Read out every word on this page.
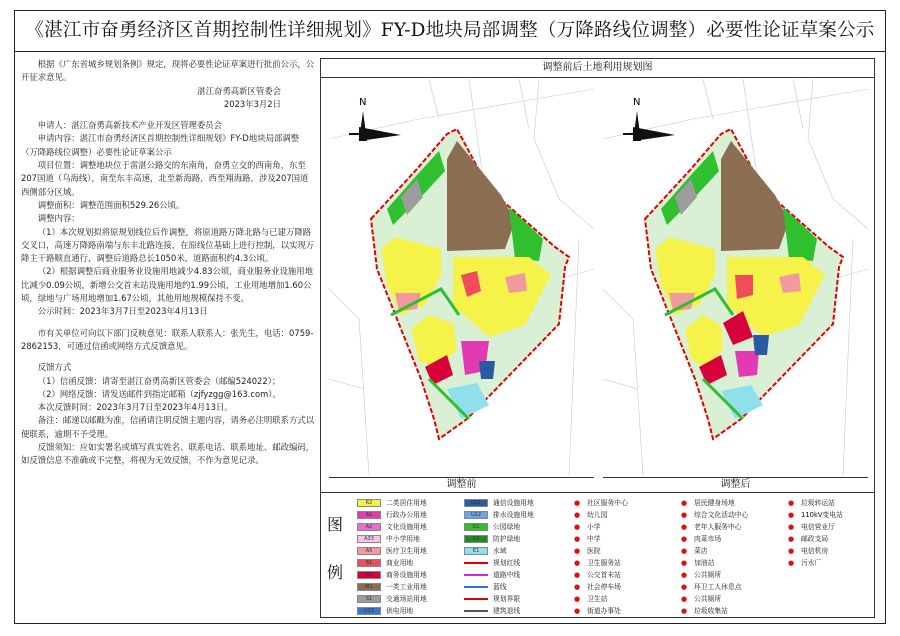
《湛江市奋勇经济区首期控制性详细规划》FY-D地块局部调整（万降路线位调整）必要性论证草案公示

根据《广东省城乡规划条例》规定，现将必要性论证草案进行批前公示，公开征求意见。

湛江奋勇高新区管委会

2023年3月2日

申请人：湛江奋勇高新技术产业开发区管理委员会

申请内容：湛江市奋勇经济区首期控制性详细规划》FY-D地块局部调整（万降路线位调整）必要性论证草案公示

项目位置：调整地块位于雷湛公路交的东南角，奋勇立交的西南角，东至207国道（乌海线），南至东丰高速，北至新海路，西至翔海路，涉及207国道西侧部分区域。

调整面积：调整范围面积529.26公顷。

调整内容：

（1）本次规划拟将原规划线位后作调整，将原道路万降北路与已建万降路交叉口，高速万降路南端与东丰北路连接，在原线位基础上进行控制，以实现万降主干路顺直通行，调整后道路总长1050米，道路面积约4.3公顷。

（2）根据调整后商业服务业设施用地减少4.83公顷，商业服务业设施用地比减少0.09公顷，新增公交首末站设施用地约1.99公顷，工业用地增加1.60公顷，绿地与广场用地增加1.67公顷，其他用地规模保持不变。

公示时间：2023年3月7日至2023年4月13日

市有关单位可向以下部门反映意见：联系人联系人：张先生，电话：0759-2862153，可通过信函或网络方式反馈意见。

反馈方式

（1）信函反馈：请寄至湛江奋勇高新区管委会（邮编524022）；

（2）网络反馈：请发送邮件到指定邮箱（zjfyzgg@163.com）。

本次反馈时间：2023年3月7日至2023年4月13日。

备注：邮递以邮戳为准，信函请注明反馈主题内容，请务必注明联系方式以便联系，逾期不予受理。

反馈须知：应如实署名或填写真实姓名、联系电话、联系地址、邮政编码，如反馈信息不准确或不完整，将视为无效反馈，不作为意见记录。

调整前后土地利用规划图
N	N
调整前	调整后
图
例
R2 二类居住用地
A1 行政办公用地
A2 文化设施用地
A33 中小学用地
A5 医疗卫生用地
B1 商业用地
B2 商务设施用地
M1 一类工业用地
S1 交通场站用地
U12 供电用地
U21 通信设施用地
U22 排水设施用地
G1 公园绿地
G2 防护绿地
E1 水域
规划红线
道路中线
蓝线
规划界限
建筑退线
● 社区服务中心
● 幼儿园
● 小学
● 中学
● 医院
● 卫生服务站
● 公交首末站
● 社会停车场
● 卫生站
● 街道办事处
● 居民健身场地
● 综合文化活动中心
● 老年人服务中心
● 肉菜市场
● 菜店
● 加油站
● 公共厕所
● 环卫工人休息点
● 公共厕所
● 垃圾收集站
● 垃圾转运站
● 110kV变电站
● 电信营业厅
● 邮政支局
● 电信机房
● 污水厂
